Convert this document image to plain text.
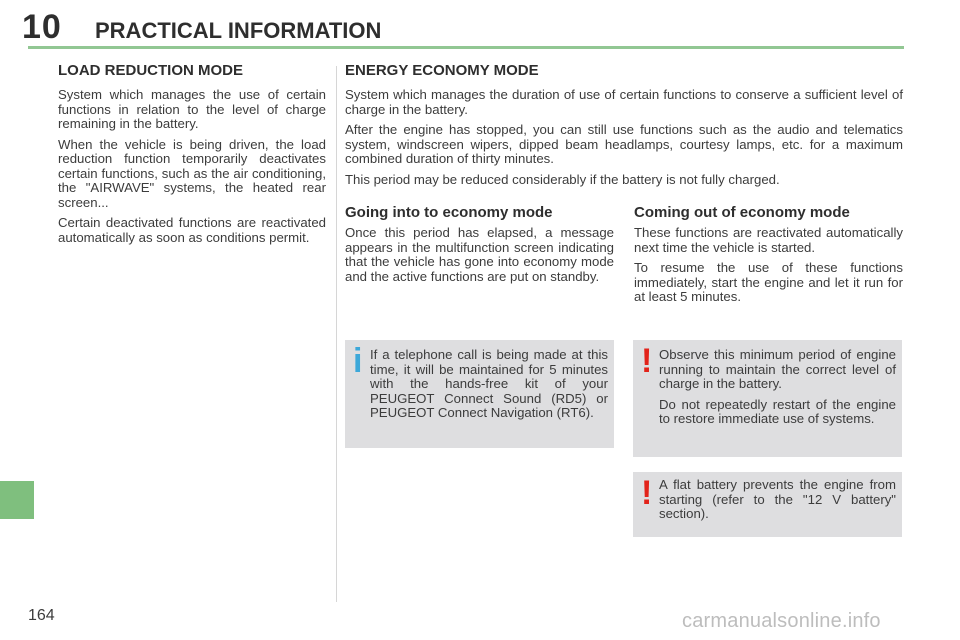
10 PRACTICAL INFORMATION
LOAD REDUCTION MODE

System which manages the use of certain functions in relation to the level of charge remaining in the battery.

When the vehicle is being driven, the load reduction function temporarily deactivates certain functions, such as the air conditioning, the "AIRWAVE" systems, the heated rear screen...

Certain deactivated functions are reactivated automatically as soon as conditions permit.

ENERGY ECONOMY MODE

System which manages the duration of use of certain functions to conserve a sufficient level of charge in the battery.

After the engine has stopped, you can still use functions such as the audio and telematics system, windscreen wipers, dipped beam headlamps, courtesy lamps, etc. for a maximum combined duration of thirty minutes.

This period may be reduced considerably if the battery is not fully charged.

Going into to economy mode

Once this period has elapsed, a message appears in the multifunction screen indicating that the vehicle has gone into economy mode and the active functions are put on standby.

Coming out of economy mode

These functions are reactivated automatically next time the vehicle is started.

To resume the use of these functions immediately, start the engine and let it run for at least 5 minutes.

i If a telephone call is being made at this time, it will be maintained for 5 minutes with the hands-free kit of your PEUGEOT Connect Sound (RD5) or PEUGEOT Connect Navigation (RT6).

! Observe this minimum period of engine running to maintain the correct level of charge in the battery.

Do not repeatedly restart of the engine to restore immediate use of systems.

! A flat battery prevents the engine from starting (refer to the "12 V battery" section).

164	carmanualsonline.info
